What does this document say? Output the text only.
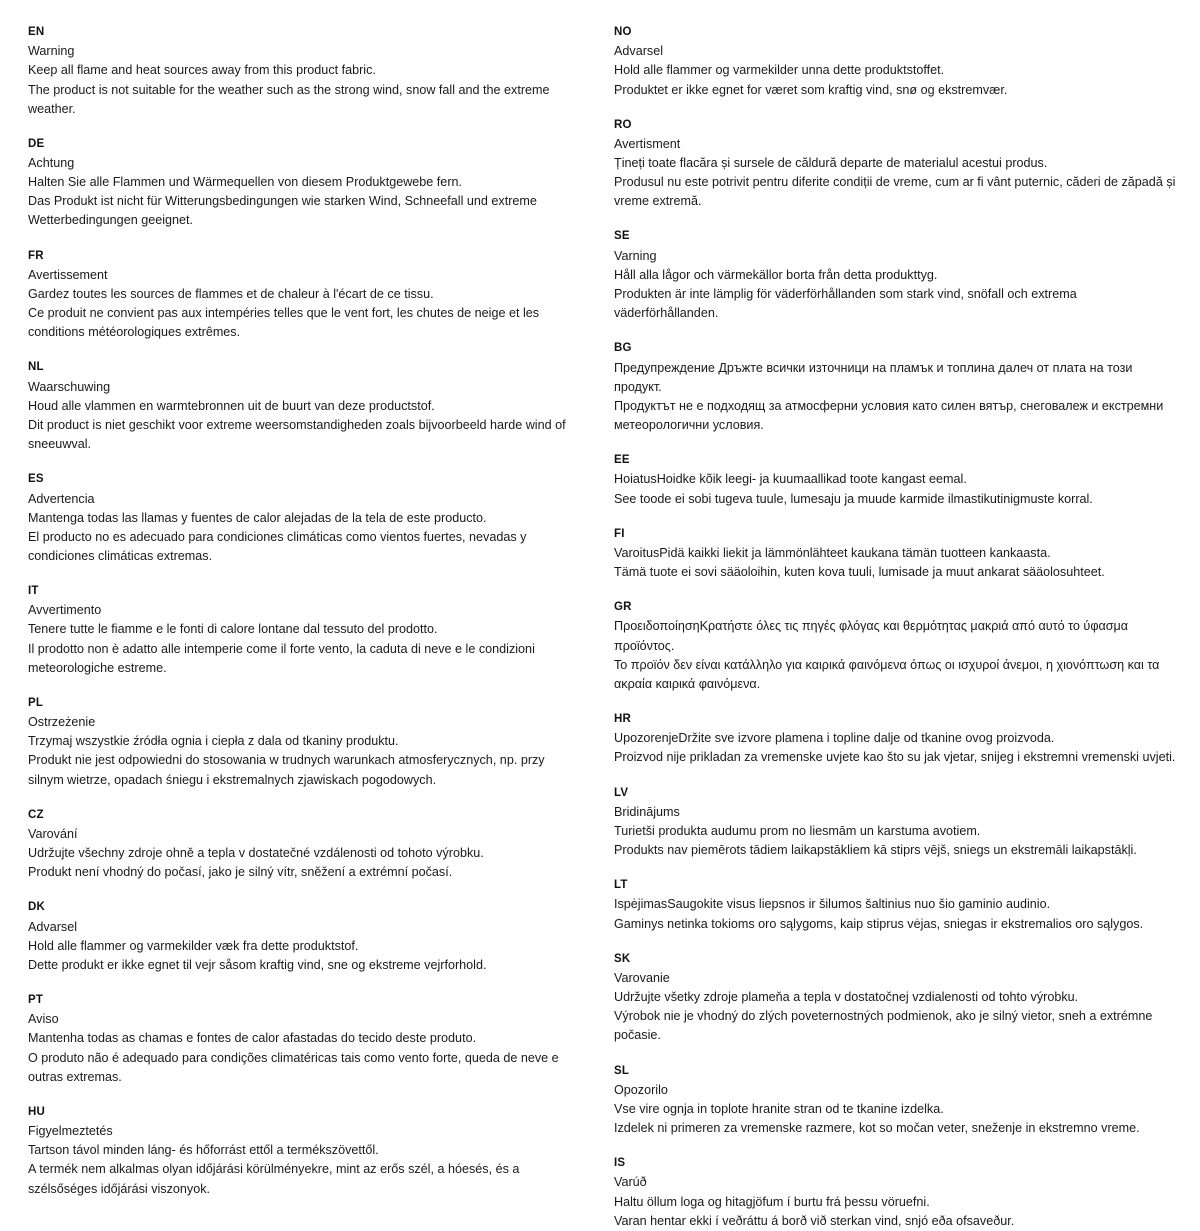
EN

Warning

Keep all flame and heat sources away from this product fabric.

The product is not suitable for the weather such as the strong wind, snow fall and the extreme weather.

DE

Achtung

Halten Sie alle Flammen und Wärmequellen von diesem Produktgewebe fern.

Das Produkt ist nicht für Witterungsbedingungen wie starken Wind, Schneefall und extreme Wetterbedingungen geeignet.

FR

Avertissement

Gardez toutes les sources de flammes et de chaleur à l'écart de ce tissu.

Ce produit ne convient pas aux intempéries telles que le vent fort, les chutes de neige et les conditions météorologiques extrêmes.

NL

Waarschuwing

Houd alle vlammen en warmtebronnen uit de buurt van deze productstof.

Dit product is niet geschikt voor extreme weersomstandigheden zoals bijvoorbeeld harde wind of sneeuwval.

ES

Advertencia

Mantenga todas las llamas y fuentes de calor alejadas de la tela de este producto.

El producto no es adecuado para condiciones climáticas como vientos fuertes, nevadas y condiciones climáticas extremas.

IT

Avvertimento

Tenere tutte le fiamme e le fonti di calore lontane dal tessuto del prodotto.

Il prodotto non è adatto alle intemperie come il forte vento, la caduta di neve e le condizioni meteorologiche estreme.

PL

Ostrzeżenie

Trzymaj wszystkie źródła ognia i ciepła z dala od tkaniny produktu.

Produkt nie jest odpowiedni do stosowania w trudnych warunkach atmosferycznych, np. przy silnym wietrze, opadach śniegu i ekstremalnych zjawiskach pogodowych.

CZ

Varování

Udržujte všechny zdroje ohně a tepla v dostatečné vzdálenosti od tohoto výrobku.

Produkt není vhodný do počasí, jako je silný vítr, sněžení a extrémní počasí.

DK

Advarsel

Hold alle flammer og varmekilder væk fra dette produktstof.

Dette produkt er ikke egnet til vejr såsom kraftig vind, sne og ekstreme vejrforhold.

PT

Aviso

Mantenha todas as chamas e fontes de calor afastadas do tecido deste produto.

O produto não é adequado para condições climatéricas tais como vento forte, queda de neve e outras extremas.

HU

Figyelmeztetés

Tartson távol minden láng- és hőforrást ettől a termékszövettől.

A termék nem alkalmas olyan időjárási körülményekre, mint az erős szél, a hóesés, és a szélsőséges időjárási viszonyok.

NO

Advarsel

Hold alle flammer og varmekilder unna dette produktstoffet.

Produktet er ikke egnet for været som kraftig vind, snø og ekstremvær.

RO

Avertisment

Țineți toate flacăra și sursele de căldură departe de materialul acestui produs.

Produsul nu este potrivit pentru diferite condiții de vreme, cum ar fi vânt puternic, căderi de zăpadă și vreme extremă.

SE

Varning

Håll alla lågor och värmekällor borta från detta produkttyg.

Produkten är inte lämplig för väderförhållanden som stark vind, snöfall och extrema väderförhållanden.

BG

Предупреждение Дръжте всички източници на пламък и топлина далеч от плата на този продукт.

Продуктът не е подходящ за атмосферни условия като силен вятър, снеговалеж и екстремни метеорологични условия.

EE

HoiatusHoidke kõik leegi- ja kuumaallikad toote kangast eemal.

See toode ei sobi tugeva tuule, lumesaju ja muude karmide ilmastikutinigmuste korral.

FI

VaroitusPidä kaikki liekit ja lämmönlähteet kaukana tämän tuotteen kankaasta.

Tämä tuote ei sovi sääoloihin, kuten kova tuuli, lumisade ja muut ankarat sääolosuhteet.

GR

ΠροειδοποίησηΚρατήστε όλες τις πηγές φλόγας και θερμότητας μακριά από αυτό το ύφασμα προϊόντος.

Το προϊόν δεν είναι κατάλληλο για καιρικά φαινόμενα όπως οι ισχυροί άνεμοι, η χιονόπτωση και τα ακραία καιρικά φαινόμενα.

HR

UpozorenjeDržite sve izvore plamena i topline dalje od tkanine ovog proizvoda.

Proizvod nije prikladan za vremenske uvjete kao što su jak vjetar, snijeg i ekstremni vremenski uvjeti.

LV

Bridinājums

Turietši produkta audumu prom no liesmām un karstuma avotiem.

Produkts nav piemērots tādiem laikapstākliem kā stiprs vējš, sniegs un ekstremāli laikapstākļi.

LT

IspėjimasSaugokite visus liepsnos ir šilumos šaltinius nuo šio gaminio audinio.

Gaminys netinka tokioms oro sąlygoms, kaip stiprus vėjas, sniegas ir ekstremalios oro sąlygos.

SK

Varovanie

Udržujte všetky zdroje plameňa a tepla v dostatočnej vzdialenosti od tohto výrobku.

Výrobok nie je vhodný do zlých poveternostných podmienok, ako je silný vietor, sneh a extrémne počasie.

SL

Opozorilo

Vse vire ognja in toplote hranite stran od te tkanine izdelka.

Izdelek ni primeren za vremenske razmere, kot so močan veter, sneženje in ekstremno vreme.

IS

Varúð

Haltu öllum loga og hitagjöfum í burtu frá þessu vöruefni.

Varan hentar ekki í veðráttu á borð við sterkan vind, snjó eða ofsaveður.
